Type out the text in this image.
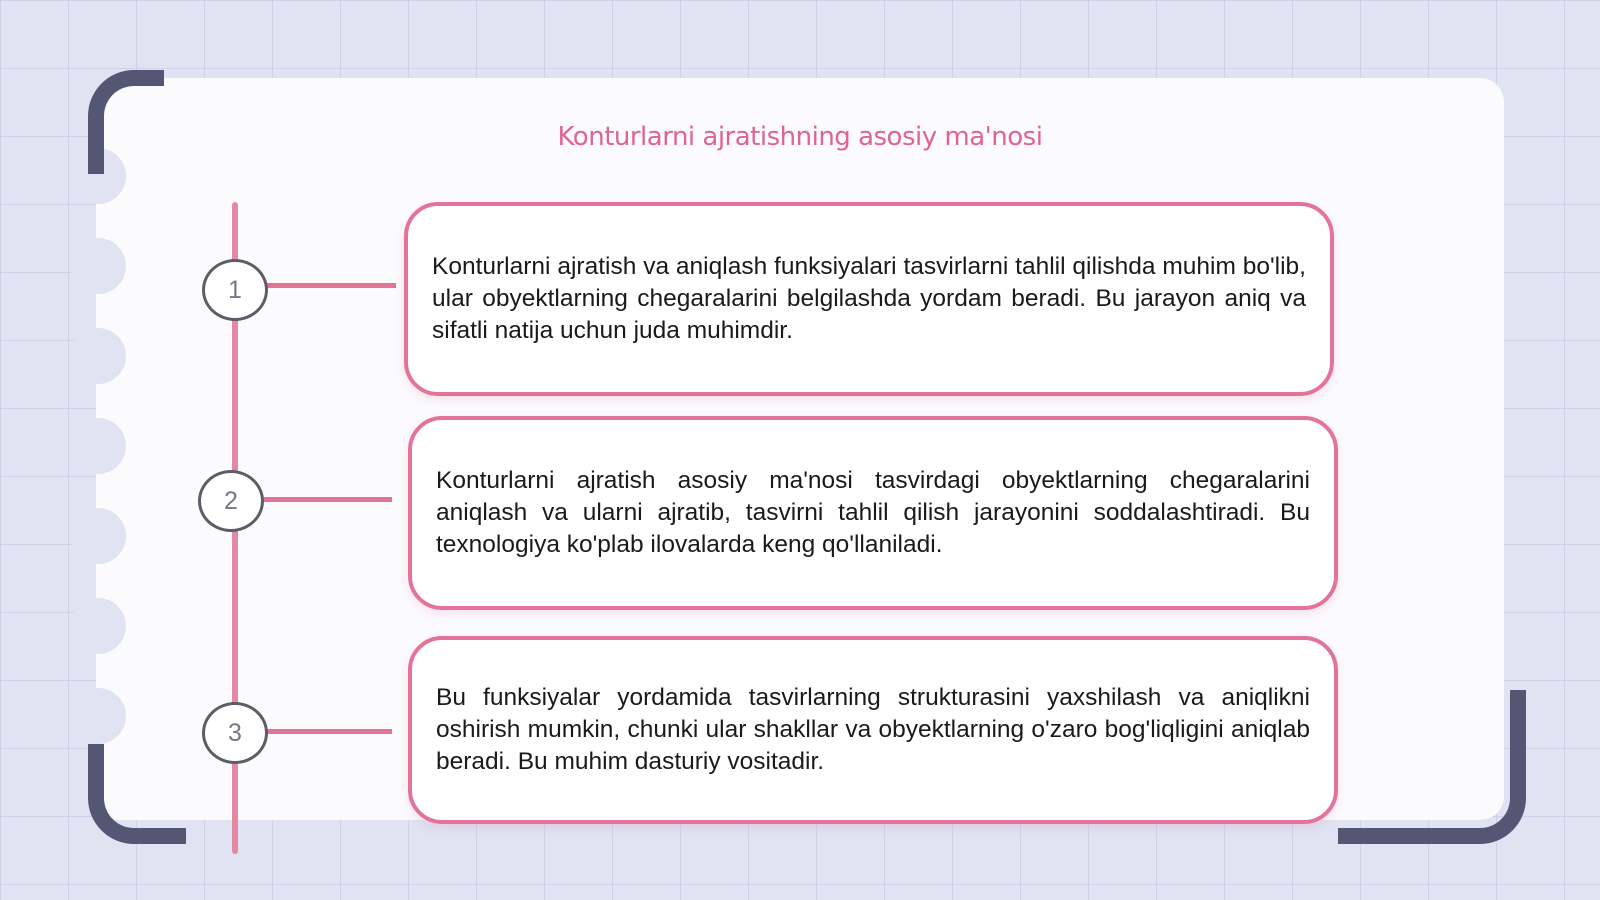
Konturlarni ajratishning asosiy ma'nosi
1

Konturlarni ajratish va aniqlash funksiyalari tasvirlarni tahlil qilishda muhim bo'lib, ular obyektlarning chegaralarini belgilashda yordam beradi. Bu jarayon aniq va sifatli natija uchun juda muhimdir.

2

Konturlarni ajratish asosiy ma'nosi tasvirdagi obyektlarning chegaralarini aniqlash va ularni ajratib, tasvirni tahlil qilish jarayonini soddalashtiradi. Bu texnologiya ko'plab ilovalarda keng qo'llaniladi.

3

Bu funksiyalar yordamida tasvirlarning strukturasini yaxshilash va aniqlikni oshirish mumkin, chunki ular shakllar va obyektlarning o'zaro bog'liqligini aniqlab beradi. Bu muhim dasturiy vositadir.
